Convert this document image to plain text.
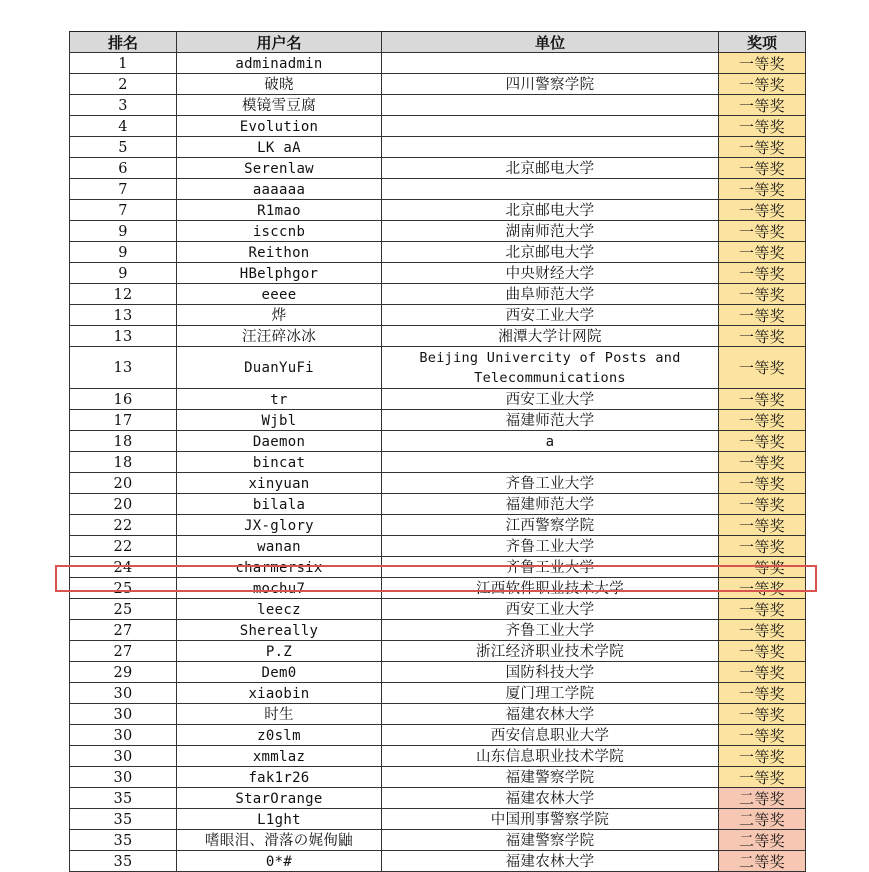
排名	用户名	单位	奖项
1	adminadmin		一等奖
2	破晓	四川警察学院	一等奖
3	模镜雪豆腐		一等奖
4	Evolution		一等奖
5	LK aA		一等奖
6	Serenlaw	北京邮电大学	一等奖
7	aaaaaa		一等奖
7	R1mao	北京邮电大学	一等奖
9	isccnb	湖南师范大学	一等奖
9	Reithon	北京邮电大学	一等奖
9	HBelphgor	中央财经大学	一等奖
12	eeee	曲阜师范大学	一等奖
13	烨	西安工业大学	一等奖
13	汪汪碎冰冰	湘潭大学计网院	一等奖
13	DuanYuFi	Beijing Univercity of Posts and Telecommunications	一等奖
16	tr	西安工业大学	一等奖
17	Wjbl	福建师范大学	一等奖
18	Daemon	a	一等奖
18	bincat		一等奖
20	xinyuan	齐鲁工业大学	一等奖
20	bilala	福建师范大学	一等奖
22	JX-glory	江西警察学院	一等奖
22	wanan	齐鲁工业大学	一等奖
24	charmersix	齐鲁工业大学	一等奖
25	mochu7	江西软件职业技术大学	一等奖
25	leecz	西安工业大学	一等奖
27	Shereally	齐鲁工业大学	一等奖
27	P.Z	浙江经济职业技术学院	一等奖
29	Dem0	国防科技大学	一等奖
30	xiaobin	厦门理工学院	一等奖
30	时生	福建农林大学	一等奖
30	z0slm	西安信息职业大学	一等奖
30	xmmlaz	山东信息职业技术学院	一等奖
30	fak1r26	福建警察学院	一等奖
35	StarOrange	福建农林大学	二等奖
35	L1ght	中国刑事警察学院	二等奖
35	嗜眼泪、滑落の娓侚鼬	福建警察学院	二等奖
35	0*#	福建农林大学	二等奖
